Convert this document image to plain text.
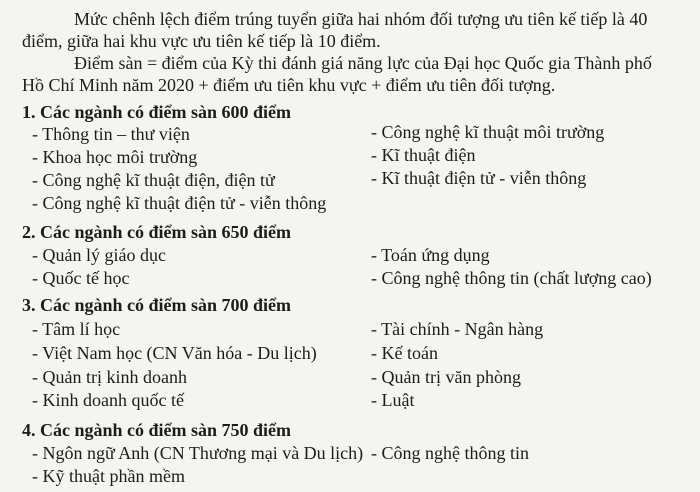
Mức chênh lệch điểm trúng tuyển giữa hai nhóm đối tượng ưu tiên kế tiếp là 40
điểm, giữa hai khu vực ưu tiên kế tiếp là 10 điểm.
Điểm sàn = điểm của Kỳ thi đánh giá năng lực của Đại học Quốc gia Thành phố
Hồ Chí Minh năm 2020 + điểm ưu tiên khu vực + điểm ưu tiên đối tượng.
1. Các ngành có điểm sàn 600 điểm
- Thông tin – thư viện
- Khoa học môi trường
- Công nghệ kĩ thuật điện, điện tử
- Công nghệ kĩ thuật điện tử - viễn thông
- Công nghệ kĩ thuật môi trường
- Kĩ thuật điện
- Kĩ thuật điện tử - viễn thông
2. Các ngành có điểm sàn 650 điểm
- Quản lý giáo dục
- Quốc tế học
- Toán ứng dụng
- Công nghệ thông tin (chất lượng cao)
3. Các ngành có điểm sàn 700 điểm
- Tâm lí học
- Việt Nam học (CN Văn hóa - Du lịch)
- Quản trị kinh doanh
- Kinh doanh quốc tế
- Tài chính - Ngân hàng
- Kế toán
- Quản trị văn phòng
- Luật
4. Các ngành có điểm sàn 750 điểm
- Ngôn ngữ Anh (CN Thương mại và Du lịch)
- Kỹ thuật phần mềm
- Công nghệ thông tin
